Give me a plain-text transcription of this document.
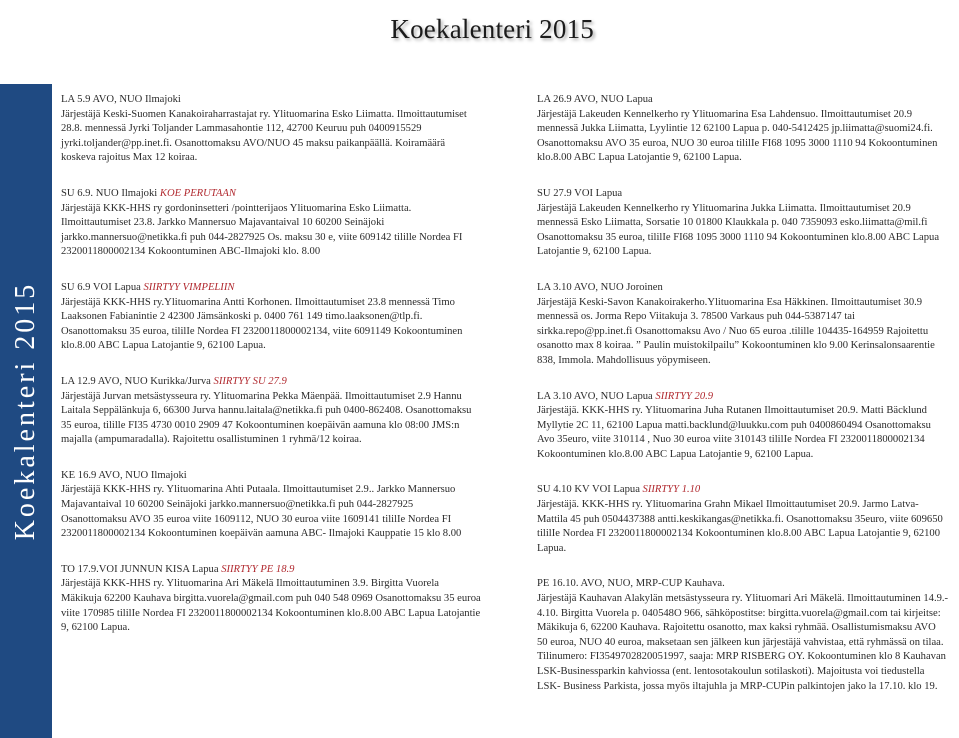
Koekalenteri 2015
Koekalenteri 2015

LA 5.9 AVO, NUO Ilmajoki

Järjestäjä Keski-Suomen Kanakoiraharrastajat ry. Ylituomarina Esko Liimatta. Ilmoittautumiset 28.8. mennessä Jyrki Toljander Lammasahontie 112, 42700 Keuruu puh 0400915529 jyrki.toljander@pp.inet.fi. Osanottomaksu AVO/NUO 45 maksu paikanpäällä. Koiramäärä koskeva rajoitus Max 12 koiraa.

SU 6.9. NUO Ilmajoki KOE PERUTAAN

Järjestäjä KKK-HHS ry gordoninsetteri /pointterijaos Ylituomarina Esko Liimatta. Ilmoittautumiset 23.8. Jarkko Mannersuo Majavantaival 10 60200 Seinäjoki jarkko.mannersuo@netikka.fi puh 044-2827925 Os. maksu 30 e, viite 609142 tilille Nordea FI 2320011800002134 Kokoontuminen ABC-Ilmajoki klo. 8.00

SU 6.9 VOI Lapua SIIRTYY VIMPELIIN

Järjestäjä KKK-HHS ry.Ylituomarina Antti Korhonen. Ilmoittautumiset 23.8 mennessä Timo Laaksonen Fabianintie 2 42300 Jämsänkoski p. 0400 761 149 timo.laaksonen@tlp.fi. Osanottomaksu 35 euroa, tililIe Nordea FI 2320011800002134, viite 6091149 Kokoontuminen klo.8.00 ABC Lapua Latojantie 9, 62100 Lapua.

LA 12.9 AVO, NUO Kurikka/Jurva SIIRTYY SU 27.9

Järjestäjä Jurvan metsästysseura ry. Ylituomarina Pekka Mäenpää. Ilmoittautumiset 2.9 Hannu Laitala Seppälänkuja 6, 66300 Jurva hannu.laitala@netikka.fi puh 0400-862408. Osanottomaksu 35 euroa, tilille FI35 4730 0010 2909 47 Kokoontuminen koepäivän aamuna klo 08:00 JMS:n majalla (ampumaradalla). Rajoitettu osallistuminen 1 ryhmä/12 koiraa.

KE 16.9 AVO, NUO Ilmajoki

Järjestäjä KKK-HHS ry. Ylituomarina Ahti Putaala. Ilmoittautumiset 2.9.. Jarkko Mannersuo Majavantaival 10 60200 Seinäjoki jarkko.mannersuo@netikka.fi puh 044-2827925 Osanottomaksu AVO 35 euroa viite 1609112, NUO 30 euroa viite 1609141 tililIe Nordea FI 2320011800002134 Kokoontuminen koepäivän aamuna ABC- Ilmajoki Kauppatie 15 klo 8.00

TO 17.9.VOI JUNNUN KISA Lapua SIIRTYY PE 18.9

Järjestäjä KKK-HHS ry. Ylituomarina Ari Mäkelä Ilmoittautuminen 3.9. Birgitta Vuorela Mäkikuja 62200 Kauhava birgitta.vuorela@gmail.com puh 040 548 0969 Osanottomaksu 35 euroa viite 170985 tililIe Nordea FI 2320011800002134 Kokoontuminen klo.8.00 ABC Lapua Latojantie 9, 62100 Lapua.

LA 26.9 AVO, NUO Lapua

Järjestäjä Lakeuden Kennelkerho ry Ylituomarina Esa Lahdensuo. Ilmoittautumiset 20.9 mennessä Jukka Liimatta, Lyylintie 12 62100 Lapua p. 040-5412425 jp.liimatta@suomi24.fi. Osanottomaksu AVO 35 euroa, NUO 30 euroa tililIe FI68 1095 3000 1110 94 Kokoontuminen klo.8.00 ABC Lapua Latojantie 9, 62100 Lapua.

SU 27.9 VOI Lapua

Järjestäjä Lakeuden Kennelkerho ry Ylituomarina Jukka Liimatta. Ilmoittautumiset 20.9 mennessä Esko Liimatta, Sorsatie 10 01800 Klaukkala p. 040 7359093 esko.liimatta@mil.fi Osanottomaksu 35 euroa, tililIe FI68 1095 3000 1110 94 Kokoontuminen klo.8.00 ABC Lapua Latojantie 9, 62100 Lapua.

LA 3.10 AVO, NUO Joroinen

Järjestäjä Keski-Savon Kanakoirakerho.Ylituomarina Esa Häkkinen. Ilmoittautumiset 30.9 mennessä os. Jorma Repo Viitakuja 3. 78500 Varkaus puh 044-5387147 tai sirkka.repo@pp.inet.fi Osanottomaksu Avo / Nuo 65 euroa .tilille 104435-164959 Rajoitettu osanotto max 8 koiraa. ” Paulin muistokilpailu” Kokoontuminen klo 9.00 Kerinsalonsaarentie 838, Immola. Mahdollisuus yöpymiseen.

LA 3.10 AVO, NUO Lapua SIIRTYY 20.9

Järjestäjä. KKK-HHS ry. Ylituomarina Juha Rutanen Ilmoittautumiset 20.9. Matti Bäcklund Myllytie 2C 11, 62100 Lapua matti.backlund@luukku.com puh 0400860494 Osanottomaksu Avo 35euro, viite 310114 , Nuo 30 euroa viite 310143 tililIe Nordea FI 2320011800002134 Kokoontuminen klo.8.00 ABC Lapua Latojantie 9, 62100 Lapua.

SU 4.10 KV VOI Lapua SIIRTYY 1.10

Järjestäjä. KKK-HHS ry. Ylituomarina Grahn Mikael Ilmoittautumiset 20.9. Jarmo Latva-Mattila 45 puh 0504437388 antti.keskikangas@netikka.fi. Osanottomaksu 35euro, viite 609650 tililIe Nordea FI 2320011800002134 Kokoontuminen klo.8.00 ABC Lapua Latojantie 9, 62100 Lapua.

PE 16.10. AVO, NUO, MRP-CUP Kauhava.

Järjestäjä Kauhavan Alakylän metsästysseura ry. Ylituomari Ari Mäkelä. Ilmoittautuminen 14.9.- 4.10. Birgitta Vuorela p. 040548O 966, sähköpostitse: birgitta.vuorela@gmail.com tai kirjeitse: Mäkikuja 6, 62200 Kauhava. Rajoitettu osanotto, max kaksi ryhmää. Osallistumismaksu AVO 50 euroa, NUO 40 euroa, maksetaan sen jälkeen kun järjestäjä vahvistaa, että ryhmässä on tilaa. Tilinumero: FI3549702820051997, saaja: MRP RISBERG OY. Kokoontuminen klo 8 Kauhavan LSK-Businessparkin kahviossa (ent. lentosotakoulun sotilaskoti). Majoitusta voi tiedustella LSK- Business Parkista, jossa myös iltajuhla ja MRP-CUPin palkintojen jako la 17.10. klo 19.
